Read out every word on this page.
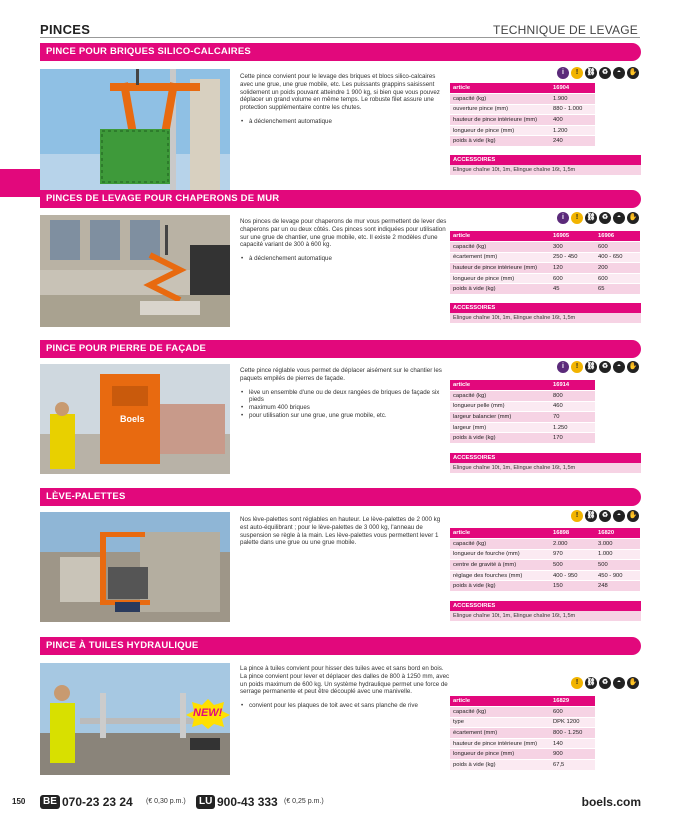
PINCES	TECHNIQUE DE LEVAGE
PINCE POUR BRIQUES SILICO-CALCAIRES

Cette pince convient pour le levage des briques et blocs silico-calcaires avec une grue, une grue mobile, etc. Les puissants grappins saisissent solidement un poids pouvant atteindre 1 900 kg, si bien que vous pouvez déplacer un grand volume en même temps. Le robuste filet assure une protection supplémentaire contre les chutes.

• à déclenchement automatique
i	!	⛓ ♻	◓	✋
article	16904
capacité (kg)	1.900
ouverture pince (mm)	880 - 1.000
hauteur de pince intérieure (mm)	400
longueur de pince (mm)	1.200
poids à vide (kg)	240
ACCESSOIRES
Elingue chaîne 10t, 1m, Elingue chaîne 16t, 1,5m
PINCES DE LEVAGE POUR CHAPERONS DE MUR

Nos pinces de levage pour chaperons de mur vous permettent de lever des chaperons par un ou deux côtés. Ces pinces sont indiquées pour utilisation sur une grue de chantier, une grue mobile, etc. Il existe 2 modèles d'une capacité variant de 300 à 600 kg.

• à déclenchement automatique
i	!	⛓ ♻	◓	✋
article	16905	16906
capacité (kg)	300	600
écartement (mm)	250 - 450	400 - 650
hauteur de pince intérieure (mm)	120	200
longueur de pince (mm)	600	600
poids à vide (kg)	45	65
ACCESSOIRES
Elingue chaîne 10t, 1m, Elingue chaîne 16t, 1,5m
PINCE POUR PIERRE DE FAÇADE
Boels

Cette pince réglable vous permet de déplacer aisément sur le chantier les paquets empilés de pierres de façade.

• lève un ensemble d'une ou de deux rangées de briques de façade six pieds
• maximum 400 briques
• pour utilisation sur une grue, une grue mobile, etc.
i	!	⛓ ♻	◓	✋
article	16914
capacité (kg)	800
longueur pelle (mm)	460
largeur balancier (mm)	70
largeur (mm)	1.250
poids à vide (kg)	170
ACCESSOIRES
Elingue chaîne 10t, 1m, Elingue chaîne 16t, 1,5m
LÈVE-PALETTES

Nos lève-palettes sont réglables en hauteur. Le lève-palettes de 2 000 kg est auto-équilibrant ; pour le lève-palettes de 3 000 kg, l'anneau de suspension se règle à la main. Les lève-palettes vous permettent lever 1 palette dans une grue ou une grue mobile.

!	⛓ ♻	◓	✋
article	16898	16820
capacité (kg)	2.000	3.000
longueur de fourche (mm)	970	1.000
centre de gravité à (mm)	500	500
réglage des fourches (mm)	400 - 950	450 - 900
poids à vide (kg)	150	248
ACCESSOIRES
Elingue chaîne 10t, 1m, Elingue chaîne 16t, 1,5m
PINCE À TUILES HYDRAULIQUE
NEW!

La pince à tuiles convient pour hisser des tuiles avec et sans bord en bois. La pince convient pour lever et déplacer des dalles de 800 à 1250 mm, avec un poids maximum de 600 kg. Un système hydraulique permet une force de serrage permanente et peut être découplé avec une manivelle.

• convient pour les plaques de toit avec et sans planche de rive
!	⛓ ♻	◓	✋
article	16829
capacité (kg)	600
type	DPK 1200
écartement (mm)	800 - 1.250
hauteur de pince intérieure (mm)	140
longueur de pince (mm)	900
poids à vide (kg)	67,5
150	BE 070-23 23 24 (€ 0,30 p.m.)	LU 900-43 333 (€ 0,25 p.m.)	boels.com
